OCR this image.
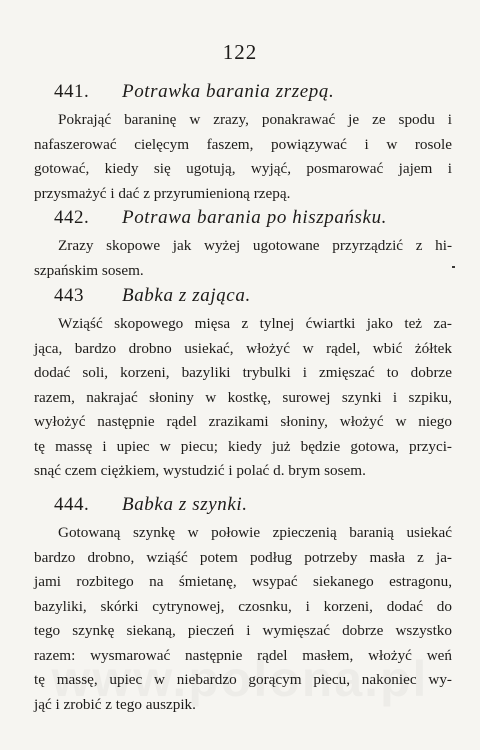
122
441. Potrawka barania zrzepą.
Pokrająć baraninę w zrazy, ponakrawać je ze spodu i
nafaszerować cielęcym faszem, powiązywać i w rosole
gotować, kiedy się ugotują, wyjąć, posmarować jajem i
przysmażyć i dać z przyrumienioną rzepą.
442. Potrawa barania po hiszpańsku.
Zrazy skopowe jak wyżej ugotowane przyrządzić z hi-
szpańskim sosem.
443 Babka z zająca.
Wziąść skopowego mięsa z tylnej ćwiartki jako też za-
jąca, bardzo drobno usiekać, włożyć w rądel, wbić żółtek
dodać soli, korzeni, bazyliki trybulki i zmięszać to dobrze
razem, nakrajać słoniny w kostkę, surowej szynki i szpiku,
wyłożyć następnie rądel zrazikami słoniny, włożyć w niego
tę massę i upiec w piecu; kiedy już będzie gotowa, przyci-
snąć czem ciężkiem, wystudzić i polać d. brym sosem.
444. Babka z szynki.
Gotowaną szynkę w połowie zpieczenią baranią usiekać
bardzo drobno, wziąść potem podług potrzeby masła z ja-
jami rozbitego na śmietanę, wsypać siekanego estragonu,
bazyliki, skórki cytrynowej, czosnku, i korzeni, dodać do
tego szynkę siekaną, pieczeń i wymięszać dobrze wszystko
razem: wysmarować następnie rądel masłem, włożyć weń
tę massę, upiec w niebardzo gorącym piecu, nakoniec wy-
jąć i zrobić z tego auszpik.
